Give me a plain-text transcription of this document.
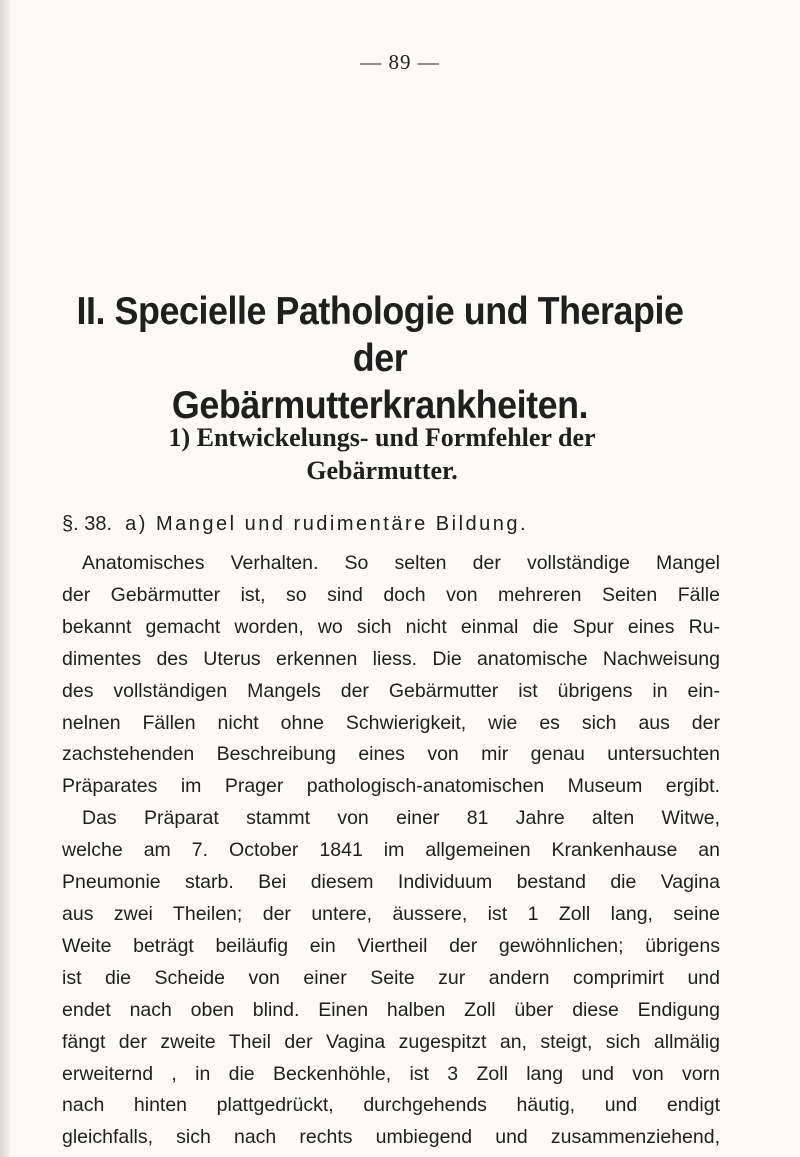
— 89 —
II. Specielle Pathologie und Therapie der
Gebärmutterkrankheiten.
1) Entwickelungs- und Formfehler der
Gebärmutter.
§. 38. a) Mangel und rudimentäre Bildung.
Anatomisches Verhalten. So selten der vollständige Mangel
der Gebärmutter ist, so sind doch von mehreren Seiten Fälle
bekannt gemacht worden, wo sich nicht einmal die Spur eines Ru-
dimentes des Uterus erkennen liess. Die anatomische Nachweisung
des vollständigen Mangels der Gebärmutter ist übrigens in ein-
nelnen Fällen nicht ohne Schwierigkeit, wie es sich aus der
zachstehenden Beschreibung eines von mir genau untersuchten
Präparates im Prager pathologisch-anatomischen Museum ergibt.
Das Präparat stammt von einer 81 Jahre alten Witwe,
welche am 7. October 1841 im allgemeinen Krankenhause an
Pneumonie starb. Bei diesem Individuum bestand die Vagina
aus zwei Theilen; der untere, äussere, ist 1 Zoll lang, seine
Weite beträgt beiläufig ein Viertheil der gewöhnlichen; übrigens
ist die Scheide von einer Seite zur andern comprimirt und
endet nach oben blind. Einen halben Zoll über diese Endigung
fängt der zweite Theil der Vagina zugespitzt an, steigt, sich allmälig
erweiternd , in die Beckenhöhle, ist 3 Zoll lang und von vorn
nach hinten plattgedrückt, durchgehends häutig, und endigt
gleichfalls, sich nach rechts umbiegend und zusammenziehend,
